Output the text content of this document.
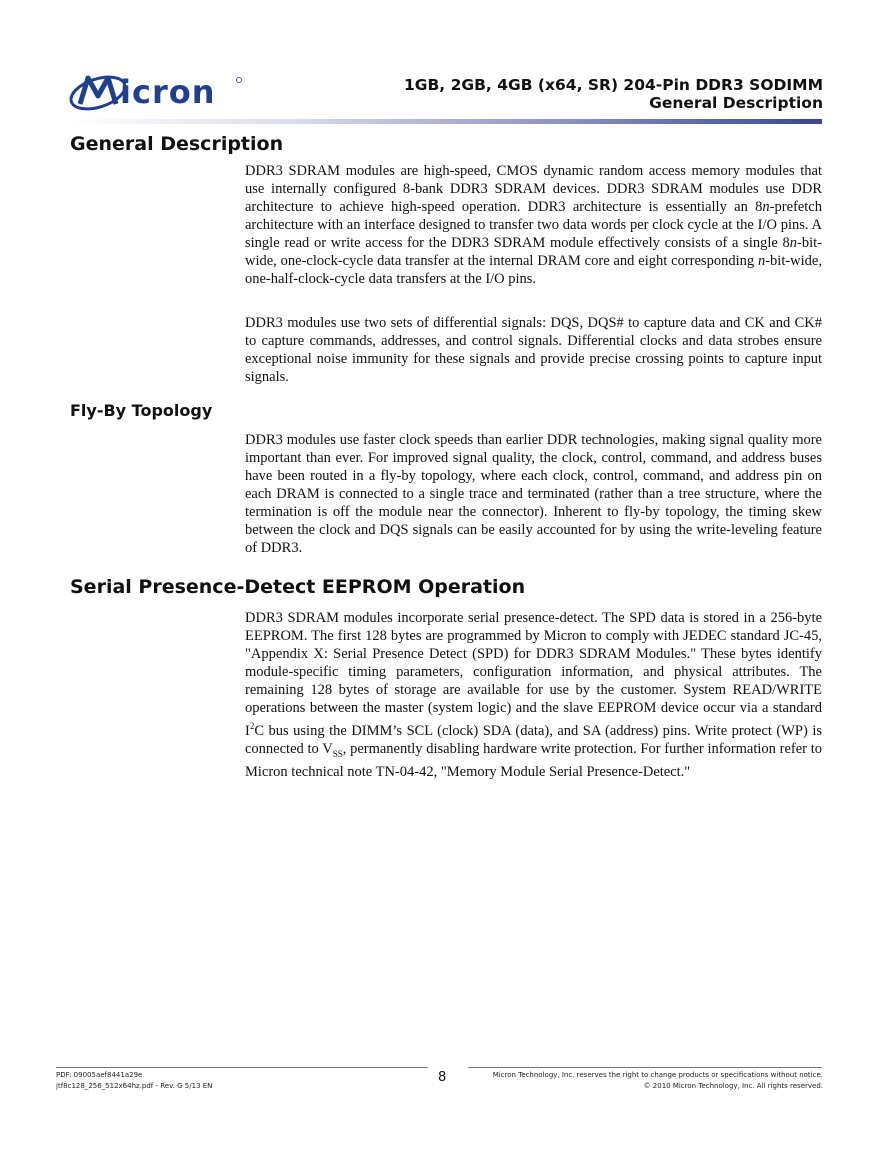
icron	1GB, 2GB, 4GB (x64, SR) 204-Pin DDR3 SODIMM
General Description
General Description

DDR3 SDRAM modules are high-speed, CMOS dynamic random access memory modules that use internally configured 8-bank DDR3 SDRAM devices. DDR3 SDRAM modules use DDR architecture to achieve high-speed operation. DDR3 architecture is essentially an 8n-prefetch architecture with an interface designed to transfer two data words per clock cycle at the I/O pins. A single read or write access for the DDR3 SDRAM module effectively consists of a single 8n-bit-wide, one-clock-cycle data transfer at the internal DRAM core and eight corresponding n-bit-wide, one-half-clock-cycle data transfers at the I/O pins.

DDR3 modules use two sets of differential signals: DQS, DQS# to capture data and CK and CK# to capture commands, addresses, and control signals. Differential clocks and data strobes ensure exceptional noise immunity for these signals and provide precise crossing points to capture input signals.

Fly-By Topology

DDR3 modules use faster clock speeds than earlier DDR technologies, making signal quality more important than ever. For improved signal quality, the clock, control, command, and address buses have been routed in a fly-by topology, where each clock, control, command, and address pin on each DRAM is connected to a single trace and terminated (rather than a tree structure, where the termination is off the module near the connector). Inherent to fly-by topology, the timing skew between the clock and DQS signals can be easily accounted for by using the write-leveling feature of DDR3.

Serial Presence-Detect EEPROM Operation

DDR3 SDRAM modules incorporate serial presence-detect. The SPD data is stored in a 256-byte EEPROM. The first 128 bytes are programmed by Micron to comply with JEDEC standard JC-45, "Appendix X: Serial Presence Detect (SPD) for DDR3 SDRAM Modules." These bytes identify module-specific timing parameters, configuration information, and physical attributes. The remaining 128 bytes of storage are available for use by the customer. System READ/WRITE operations between the master (system logic) and the slave EEPROM device occur via a standard $I^2C$ bus using the DIMM’s SCL (clock) SDA (data), and SA (address) pins. Write protect (WP) is connected to $V_{SS}$, permanently disabling hardware write protection. For further information refer to Micron technical note TN-04-42, "Memory Module Serial Presence-Detect."

PDF: 09005aef8441a29e
jtf8c128_256_512x64hz.pdf - Rev. G 5/13 EN
8	Micron Technology, Inc. reserves the right to change products or specifications without notice.
© 2010 Micron Technology, Inc. All rights reserved.
